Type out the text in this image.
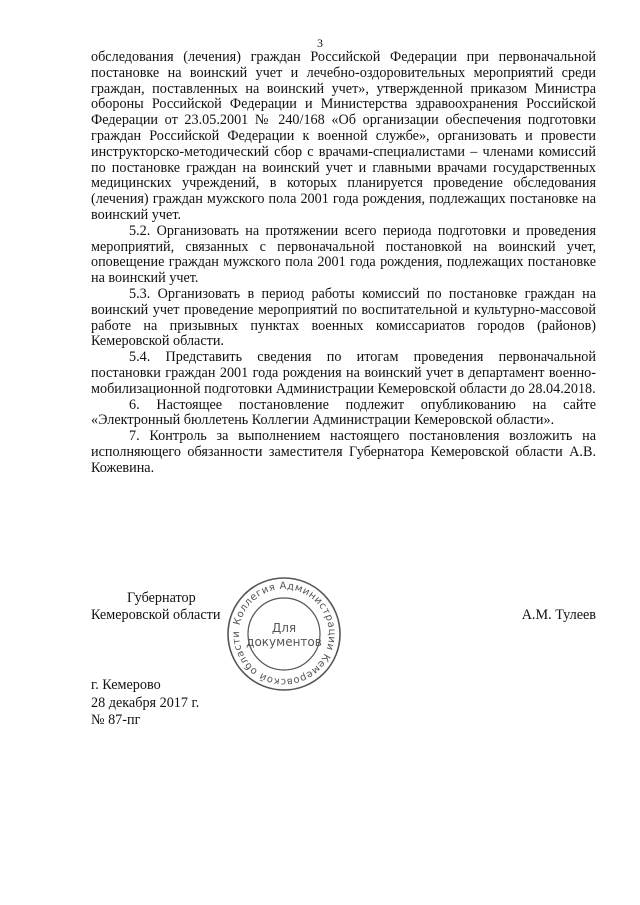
3

обследования (лечения) граждан Российской Федерации при первоначальной постановке на воинский учет и лечебно-оздоровительных мероприятий среди граждан, поставленных на воинский учет», утвержденной приказом Министра обороны Российской Федерации и Министерства здравоохранения Российской Федерации от 23.05.2001 № 240/168 «Об организации обеспечения подготовки граждан Российской Федерации к военной службе», организовать и провести инструкторско-методический сбор с врачами-специалистами – членами комиссий по постановке граждан на воинский учет и главными врачами государственных медицинских учреждений, в которых планируется проведение обследования (лечения) граждан мужского пола 2001 года рождения, подлежащих постановке на воинский учет.

5.2. Организовать на протяжении всего периода подготовки и проведения мероприятий, связанных с первоначальной постановкой на воинский учет, оповещение граждан мужского пола 2001 года рождения, подлежащих постановке на воинский учет.

5.3. Организовать в период работы комиссий по постановке граждан на воинский учет проведение мероприятий по воспитательной и культурно-массовой работе на призывных пунктах военных комиссариатов городов (районов) Кемеровской области.

5.4. Представить сведения по итогам проведения первоначальной постановки граждан 2001 года рождения на воинский учет в департамент военно-мобилизационной подготовки Администрации Кемеровской области до 28.04.2018.

6. Настоящее постановление подлежит опубликованию на сайте «Электронный бюллетень Коллегии Администрации Кемеровской области».

7. Контроль за выполнением настоящего постановления возложить на исполняющего обязанности заместителя Губернатора Кемеровской области А.В. Кожевина.

Губернатор
Кемеровской области	А.М. Тулеев
Коллегия Администрации Кемеровской области	Для
документов
г. Кемерово
28 декабря 2017 г.
№ 87-пг
